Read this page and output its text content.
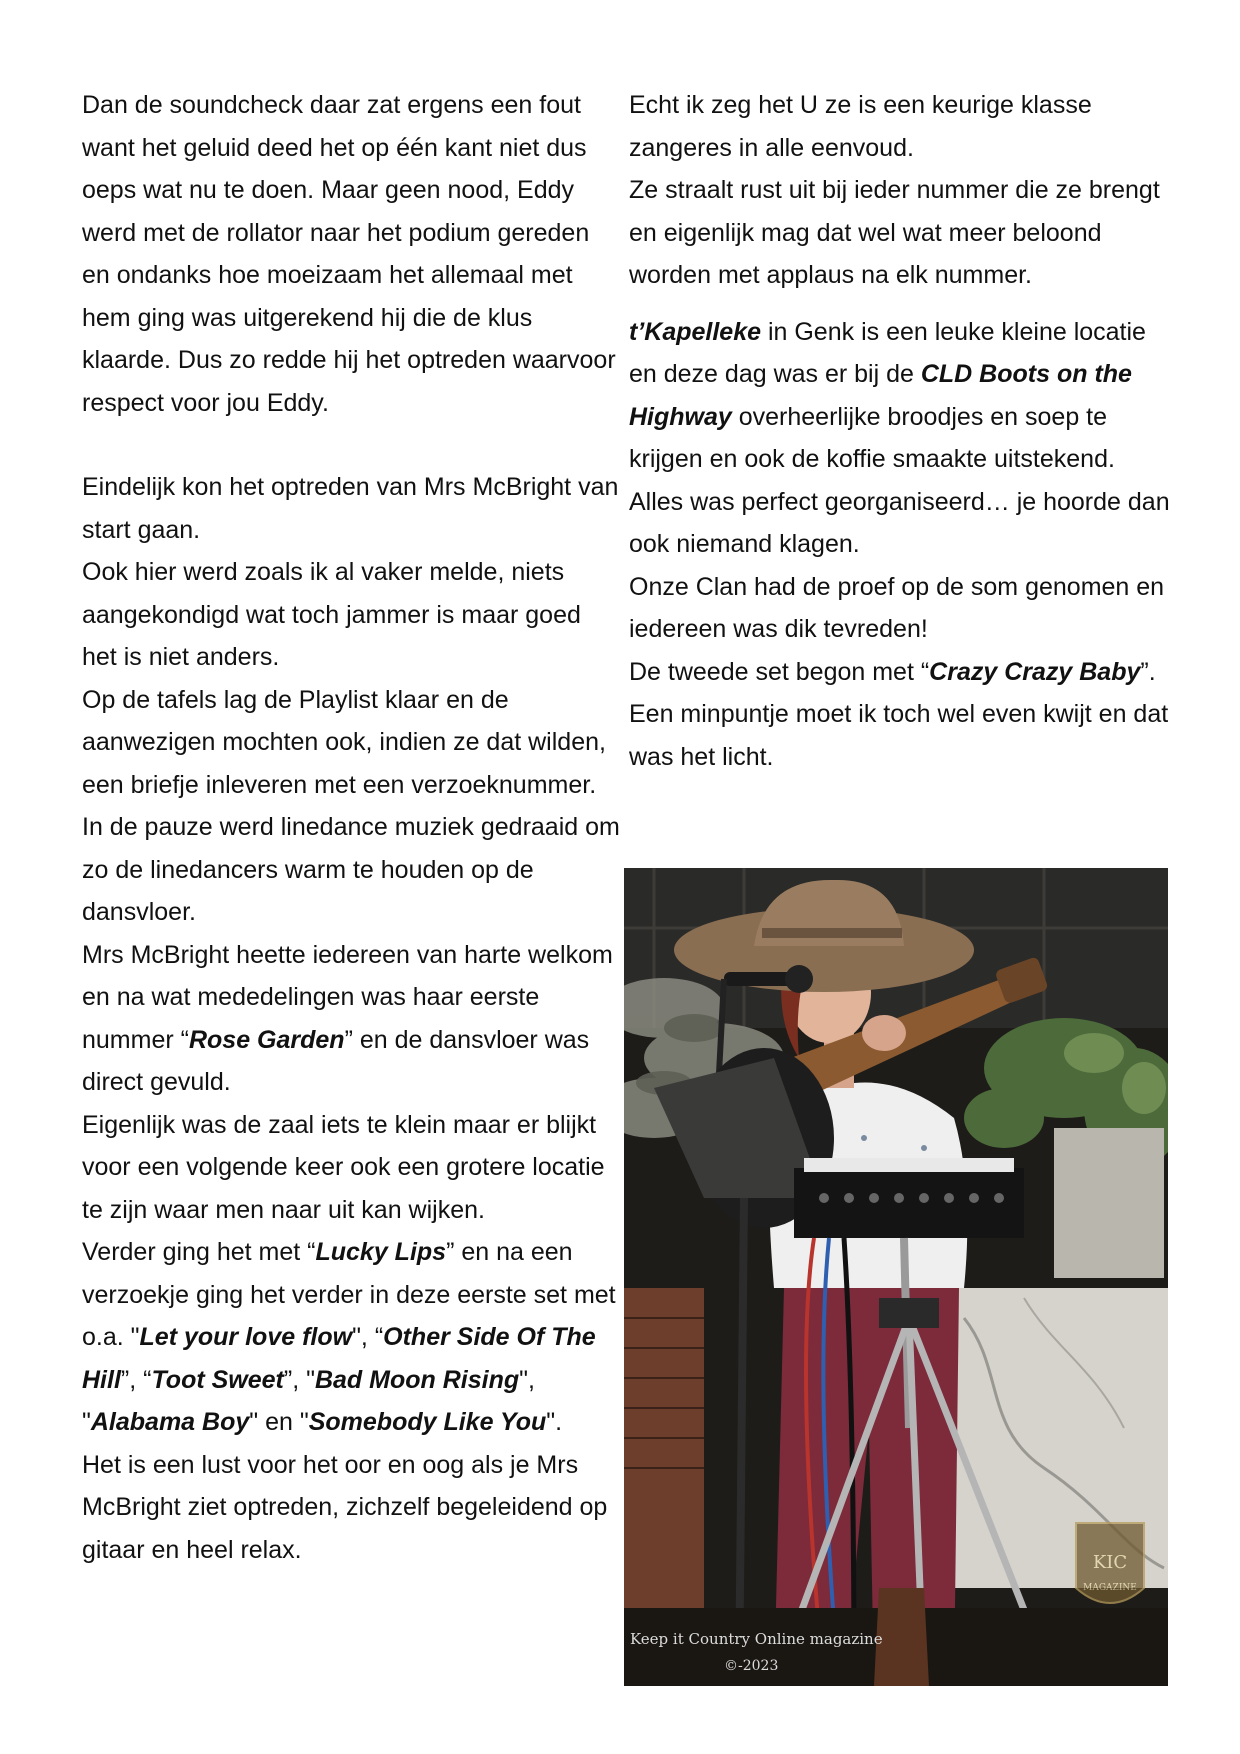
Dan de soundcheck daar zat ergens een fout want het geluid deed het op één kant niet dus oeps wat nu te doen. Maar geen nood, Eddy werd met de rollator naar het podium gereden en ondanks hoe moeizaam het allemaal met hem ging was uitgerekend hij die de klus klaarde. Dus zo redde hij het optreden waarvoor respect voor jou Eddy.

Eindelijk kon het optreden van Mrs McBright van start gaan.

Ook hier werd zoals ik al vaker melde, niets aangekondigd wat toch jammer is maar goed het is niet anders.

Op de tafels lag de Playlist klaar en de aanwezigen mochten ook, indien ze dat wilden, een briefje inleveren met een verzoeknummer.

In de pauze werd linedance muziek gedraaid om zo de linedancers warm te houden op de dansvloer.

Mrs McBright heette iedereen van harte welkom en na wat mededelingen was haar eerste nummer “Rose Garden” en de dansvloer was direct gevuld.

Eigenlijk was de zaal iets te klein maar er blijkt voor een volgende keer ook een grotere locatie te zijn waar men naar uit kan wijken.

Verder ging het met “Lucky Lips” en na een verzoekje ging het verder in deze eerste set met o.a. "Let your love flow", “Other Side Of The Hill”, “Toot Sweet”, "Bad Moon Rising", "Alabama Boy" en "Somebody Like You".

Het is een lust voor het oor en oog als je Mrs McBright ziet optreden, zichzelf begeleidend op gitaar en heel relax.

Echt ik zeg het U ze is een keurige klasse zangeres in alle eenvoud.

Ze straalt rust uit bij ieder nummer die ze brengt en eigenlijk mag dat wel wat meer beloond worden met applaus na elk nummer.

t’Kapelleke in Genk is een leuke kleine locatie en deze dag was er bij de CLD Boots on the Highway overheerlijke broodjes en soep te krijgen en ook de koffie smaakte uitstekend. Alles was perfect georganiseerd… je hoorde dan ook niemand klagen.

Onze Clan had de proef op de som genomen en iedereen was dik tevreden!

De tweede set begon met “Crazy Crazy Baby”.

Een minpuntje moet ik toch wel even kwijt en dat was het licht.

KIC
MAGAZINE
Keep it Country Online magazine
©-2023
